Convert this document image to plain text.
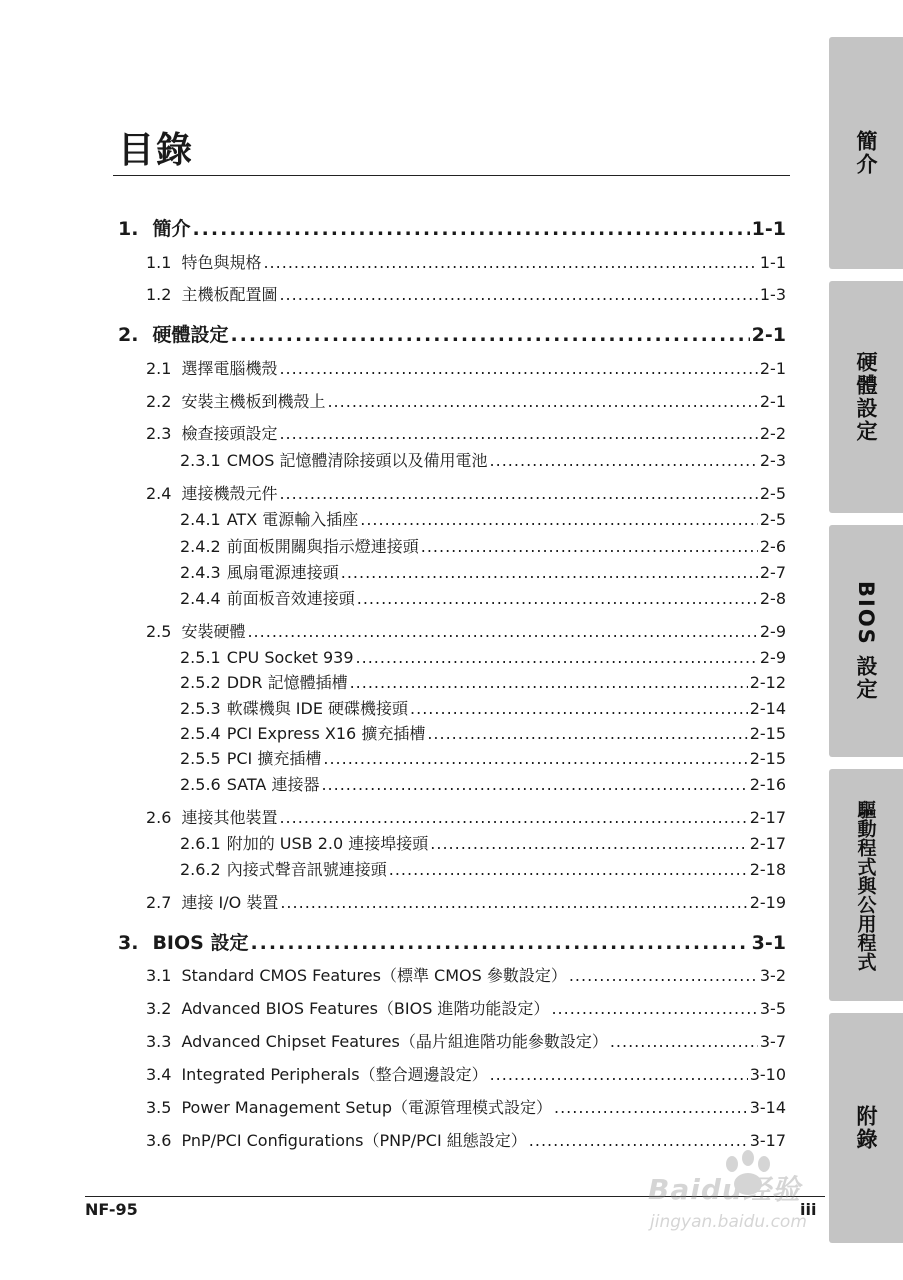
目錄
1. 簡介 .....	1-1
1.1 特色與規格 .....	1-1
1.2 主機板配置圖 .....	1-3
2. 硬體設定 .....	2-1
2.1 選擇電腦機殼 .....	2-1
2.2 安裝主機板到機殼上 .....	2-1
2.3 檢查接頭設定 .....	2-2
2.3.1 CMOS 記憶體清除接頭以及備用電池 .....	2-3
2.4 連接機殼元件 .....	2-5
2.4.1 ATX 電源輸入插座 .....	2-5
2.4.2 前面板開關與指示燈連接頭 .....	2-6
2.4.3 風扇電源連接頭 .....	2-7
2.4.4 前面板音效連接頭 .....	2-8
2.5 安裝硬體 .....	2-9
2.5.1 CPU Socket 939 .....	2-9
2.5.2 DDR 記憶體插槽 .....	2-12
2.5.3 軟碟機與 IDE 硬碟機接頭 .....	2-14
2.5.4 PCI Express X16 擴充插槽 .....	2-15
2.5.5 PCI 擴充插槽 .....	2-15
2.5.6 SATA 連接器 .....	2-16
2.6 連接其他裝置 .....	2-17
2.6.1 附加的 USB 2.0 連接埠接頭 .....	2-17
2.6.2 內接式聲音訊號連接頭 .....	2-18
2.7 連接 I/O 裝置 .....	2-19
3. BIOS 設定 .....	3-1
3.1 Standard CMOS Features（標準 CMOS 參數設定） .....	3-2
3.2 Advanced BIOS Features（BIOS 進階功能設定） .....	3-5
3.3 Advanced Chipset Features（晶片組進階功能參數設定） .....	3-7
3.4 Integrated Peripherals（整合週邊設定） .....	3-10
3.5 Power Management Setup（電源管理模式設定） .....	3-14
3.6 PnP/PCI Configurations（PNP/PCI 組態設定） .....	3-17
簡介
硬體設定
BIOS 設定
驅動程式與公用程式
附錄
NF-95	iii
Baidu经验
jingyan.baidu.com
